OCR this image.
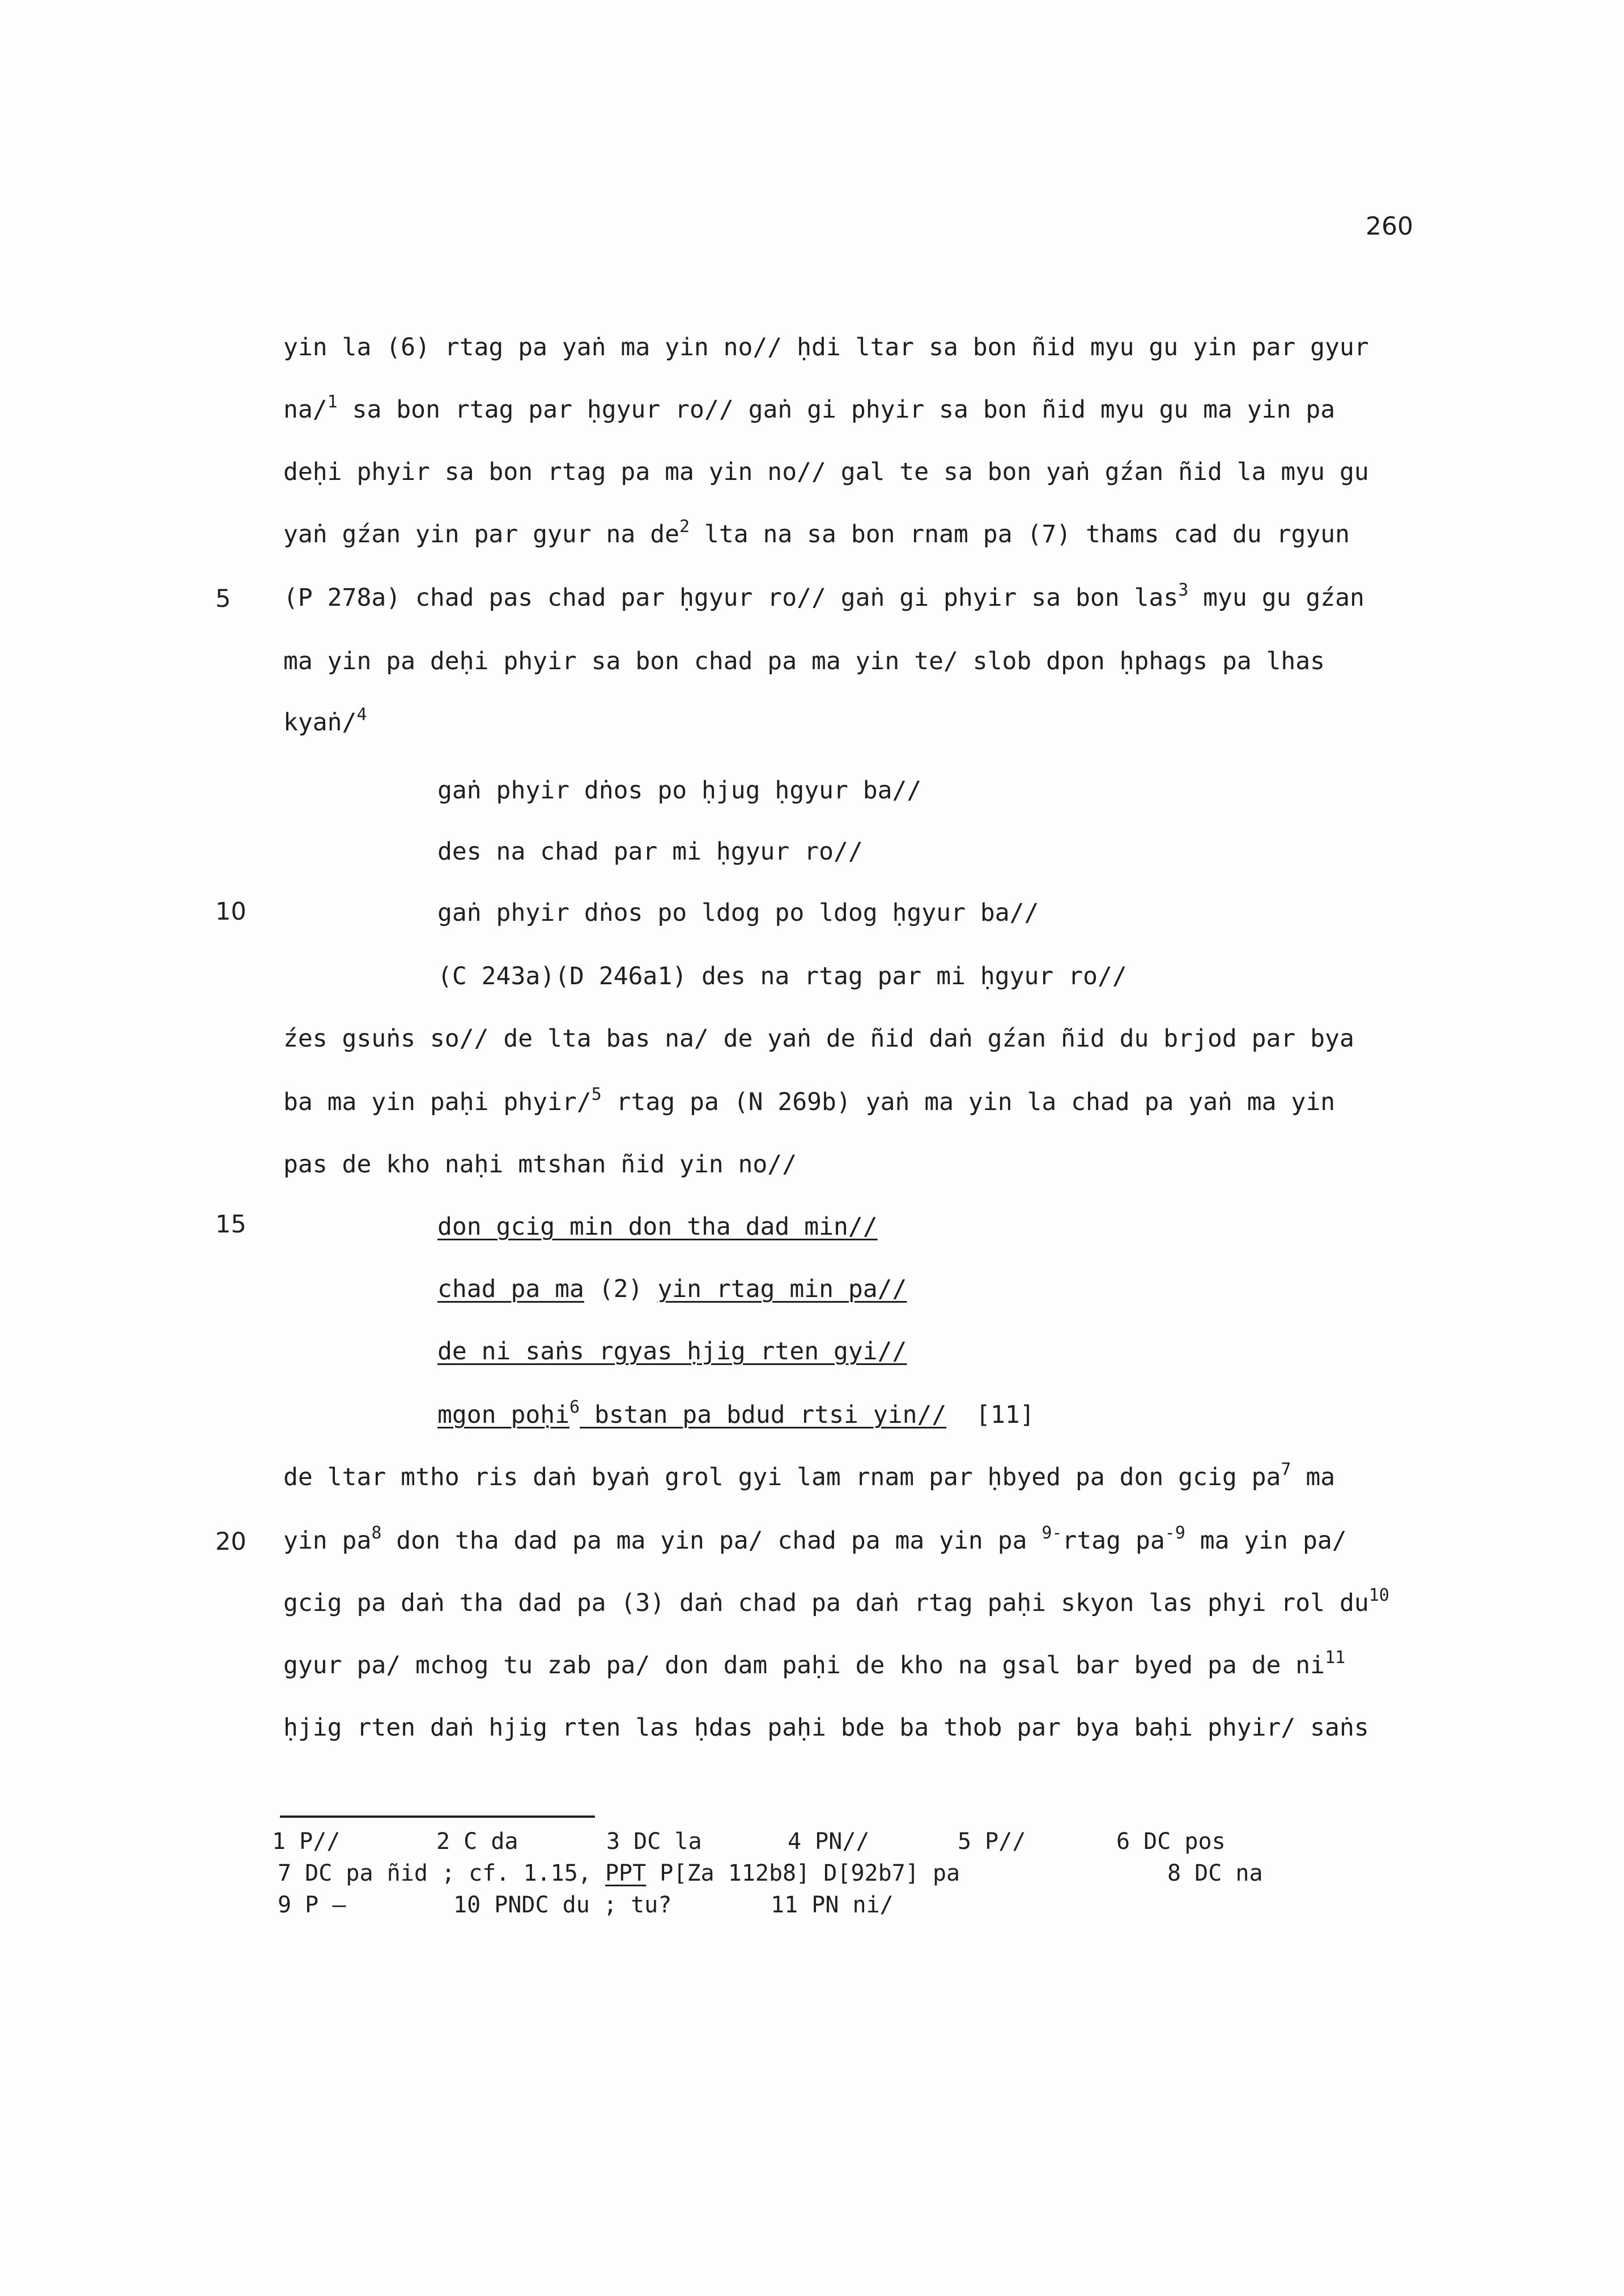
260
5
10
15
20
yin la (6) rtag pa yaṅ ma yin no// ḥdi ltar sa bon ñid myu gu yin par gyur
na/$^1$ sa bon rtag par ḥgyur ro// gaṅ gi phyir sa bon ñid myu gu ma yin pa
deḥi phyir sa bon rtag pa ma yin no// gal te sa bon yaṅ gźan ñid la myu gu
yaṅ gźan yin par gyur na $de^2$ lta na sa bon rnam pa (7) thams cad du rgyun
(P 278a) chad pas chad par ḥgyur ro// gaṅ gi phyir sa bon las$^3$ myu gu gźan
ma yin pa deḥi phyir sa bon chad pa ma yin te/ slob dpon ḥphags pa lhas
kyaṅ/$^4$
gaṅ phyir dṅos po ḥjug ḥgyur ba//
des na chad par mi ḥgyur ro//
gaṅ phyir dṅos po ldog po ldog ḥgyur ba//
(C 243a)(D 246a1) des na rtag par mi ḥgyur ro//
źes gsuṅs so// de lta bas na/ de yaṅ de ñid daṅ gźan ñid du brjod par bya
ba ma yin paḥi phyir/$^5$ rtag pa (N 269b) yaṅ ma yin la chad pa yaṅ ma yin
pas de kho naḥi mtshan ñid yin no//
don gcig min don tha dad min//
chad pa ma (2) yin rtag min pa//
de ni saṅs rgyas ḥjig rten gyi//
mgon poḥi$^6$ bstan pa bdud rtsi yin//  [11]
de ltar mtho ris daṅ byaṅ grol gyi lam rnam par ḥbyed pa don gcig $pa^7$ ma
yin $pa^8$ don tha dad pa ma yin pa/ chad pa ma yin pa $^{9-}$rtag $pa^{-9}$ ma yin pa/
gcig pa daṅ tha dad pa (3) daṅ chad pa daṅ rtag paḥi skyon las phyi rol $du^{10}$
gyur pa/ mchog tu zab pa/ don dam paḥi de kho na gsal bar byed pa de $ni^{11}$
ḥjig rten daṅ hjig rten las ḥdas paḥi bde ba thob par bya baḥi phyir/ saṅs
1 P//	2 C da	3 DC la	4 PN//	5 P//	6 DC pos
7 DC pa ñid ; cf. 1.15, PPT P[Za 112b8] D[92b7] pa	8 DC na
9 P —	10 PNDC du ; tu?	11 PN ni/
